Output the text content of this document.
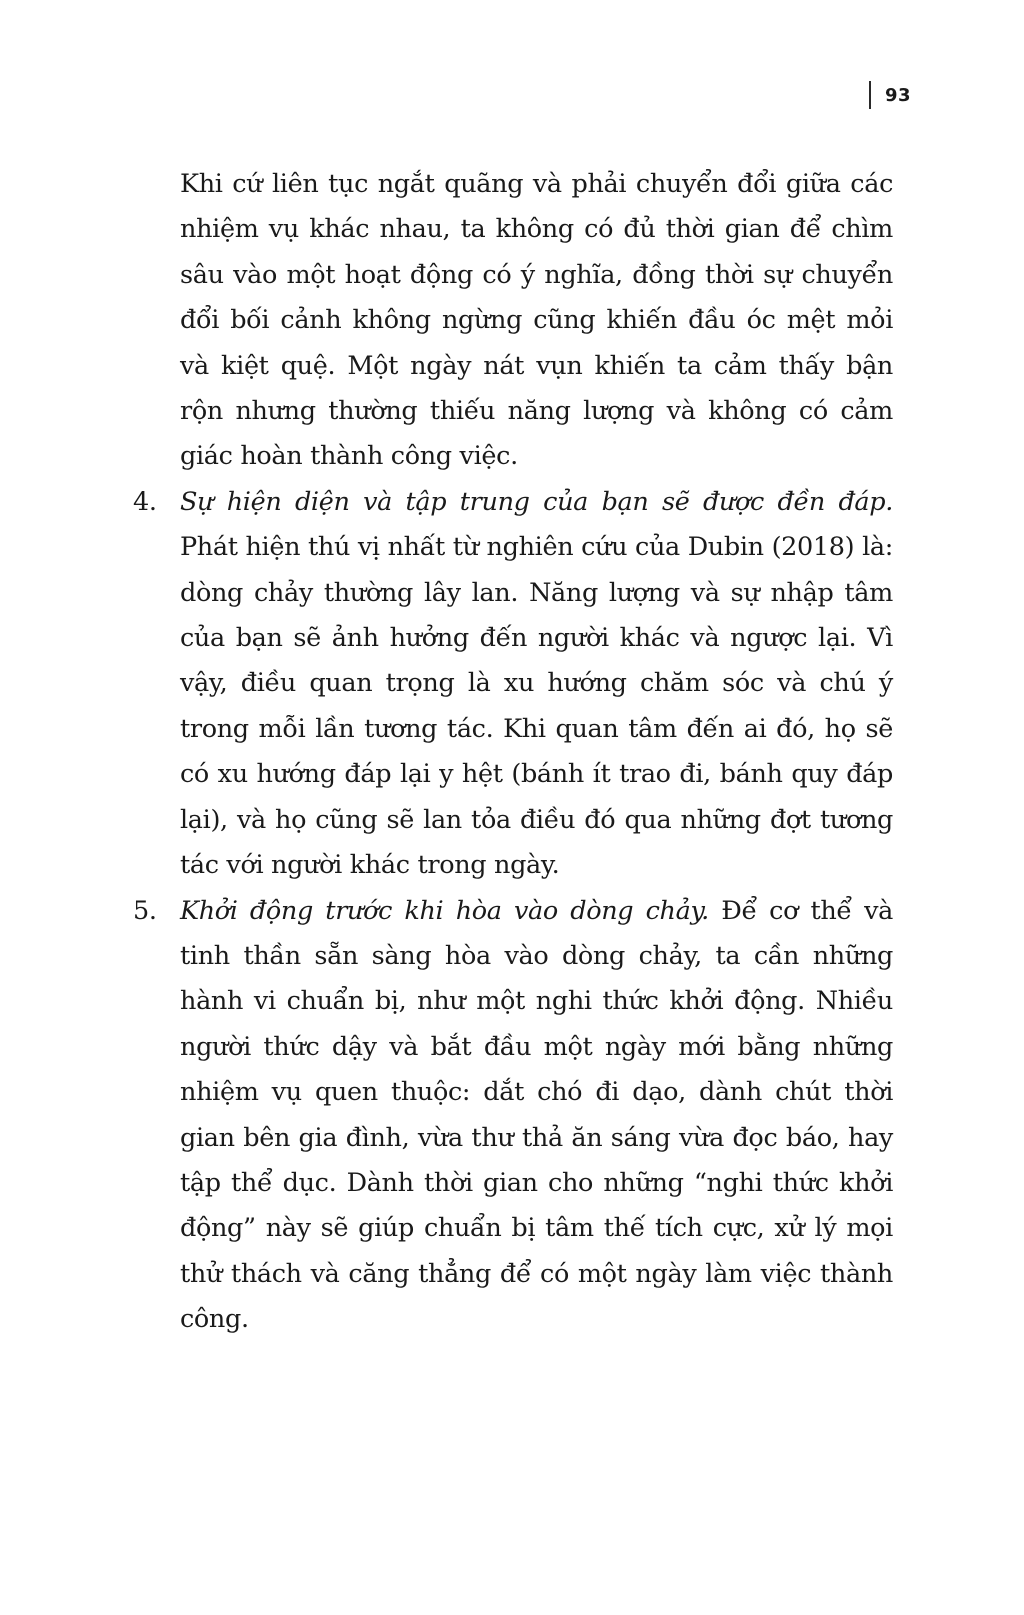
93

Khi cứ liên tục ngắt quãng và phải chuyển đổi giữa các nhiệm vụ khác nhau, ta không có đủ thời gian để chìm sâu vào một hoạt động có ý nghĩa, đồng thời sự chuyển đổi bối cảnh không ngừng cũng khiến đầu óc mệt mỏi và kiệt quệ. Một ngày nát vụn khiến ta cảm thấy bận rộn nhưng thường thiếu năng lượng và không có cảm giác hoàn thành công việc.

4. Sự hiện diện và tập trung của bạn sẽ được đền đáp. Phát hiện thú vị nhất từ nghiên cứu của Dubin (2018) là: dòng chảy thường lây lan. Năng lượng và sự nhập tâm của bạn sẽ ảnh hưởng đến người khác và ngược lại. Vì vậy, điều quan trọng là xu hướng chăm sóc và chú ý trong mỗi lần tương tác. Khi quan tâm đến ai đó, họ sẽ có xu hướng đáp lại y hệt (bánh ít trao đi, bánh quy đáp lại), và họ cũng sẽ lan tỏa điều đó qua những đợt tương tác với người khác trong ngày.

5. Khởi động trước khi hòa vào dòng chảy. Để cơ thể và tinh thần sẵn sàng hòa vào dòng chảy, ta cần những hành vi chuẩn bị, như một nghi thức khởi động. Nhiều người thức dậy và bắt đầu một ngày mới bằng những nhiệm vụ quen thuộc: dắt chó đi dạo, dành chút thời gian bên gia đình, vừa thư thả ăn sáng vừa đọc báo, hay tập thể dục. Dành thời gian cho những “nghi thức khởi động” này sẽ giúp chuẩn bị tâm thế tích cực, xử lý mọi thử thách và căng thẳng để có một ngày làm việc thành công.
